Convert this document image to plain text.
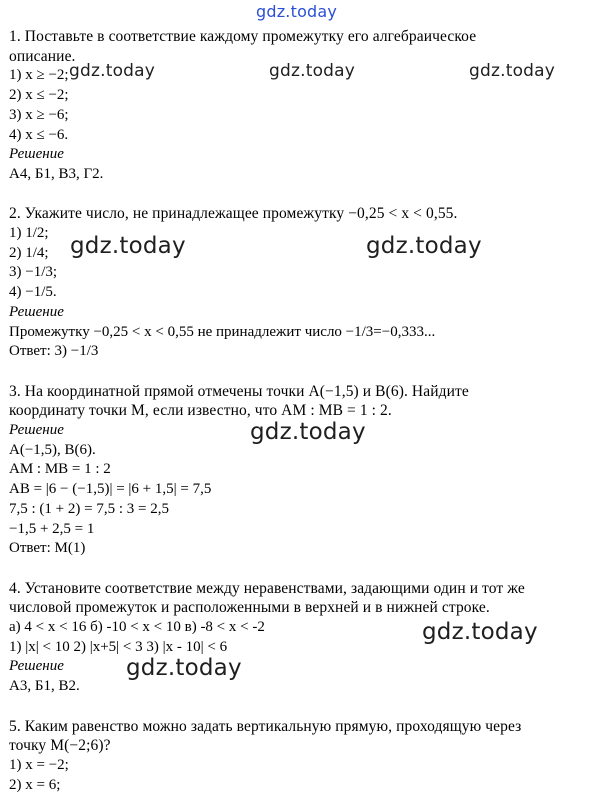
gdz.today

1. Поставьте в соответствие каждому промежутку его алгебраическое

описание.

1) x ≥ −2;

2) x ≤ −2;

3) x ≥ −6;

4) x ≤ −6.

Решение

А4, Б1, В3, Г2.

2. Укажите число, не принадлежащее промежутку −0,25 < x < 0,55.

1) 1/2;

2) 1/4;

3) −1/3;

4) −1/5.

Решение

Промежутку −0,25 < x < 0,55 не принадлежит число −1/3=−0,333...

Ответ: 3) −1/3

3. На координатной прямой отмечены точки A(−1,5) и B(6). Найдите

координату точки M, если известно, что AM : MB = 1 : 2.

Решение

A(−1,5), B(6).

AM : MB = 1 : 2

AB = |6 − (−1,5)| = |6 + 1,5| = 7,5

7,5 : (1 + 2) = 7,5 : 3 = 2,5

−1,5 + 2,5 = 1

Ответ: M(1)

4. Установите соответствие между неравенствами, задающими один и тот же

числовой промежуток и расположенными в верхней и в нижней строке.

а) 4 < x < 16 б) -10 < x < 10 в) -8 < x < -2

1) |x| < 10 2) |x+5| < 3 3) |x - 10| < 6

Решение

А3, Б1, В2.

5. Каким равенство можно задать вертикальную прямую, проходящую через

точку M(−2;6)?

1) x = −2;

2) x = 6;

gdz.today	gdz.today	gdz.today
gdz.today	gdz.today
gdz.today
gdz.today
gdz.today
